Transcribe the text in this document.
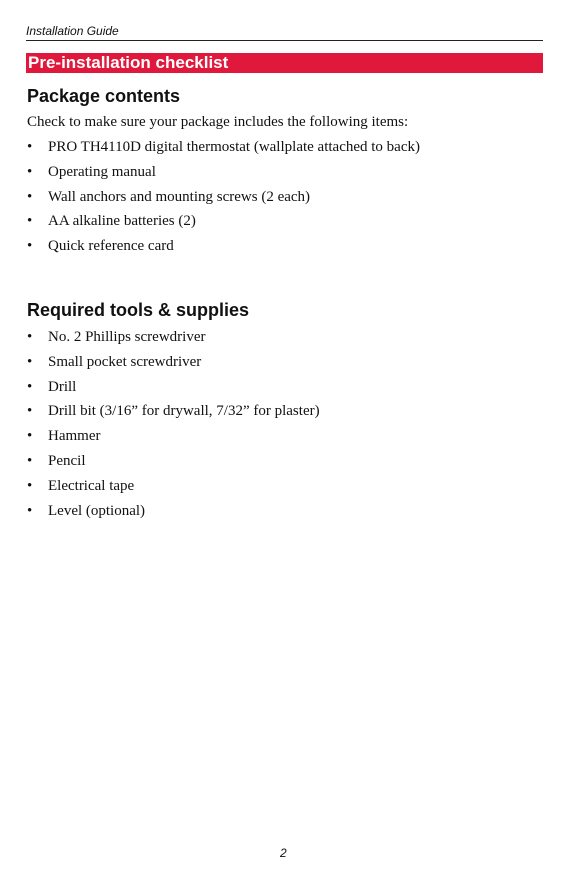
Installation Guide
Pre-installation checklist
Package contents
Check to make sure your package includes the following items:
• PRO TH4110D digital thermostat (wallplate attached to back)
• Operating manual
• Wall anchors and mounting screws (2 each)
• AA alkaline batteries (2)
• Quick reference card
Required tools & supplies
• No. 2 Phillips screwdriver
• Small pocket screwdriver
• Drill
• Drill bit (3/16” for drywall, 7/32” for plaster)
• Hammer
• Pencil
• Electrical tape
• Level (optional)
2
